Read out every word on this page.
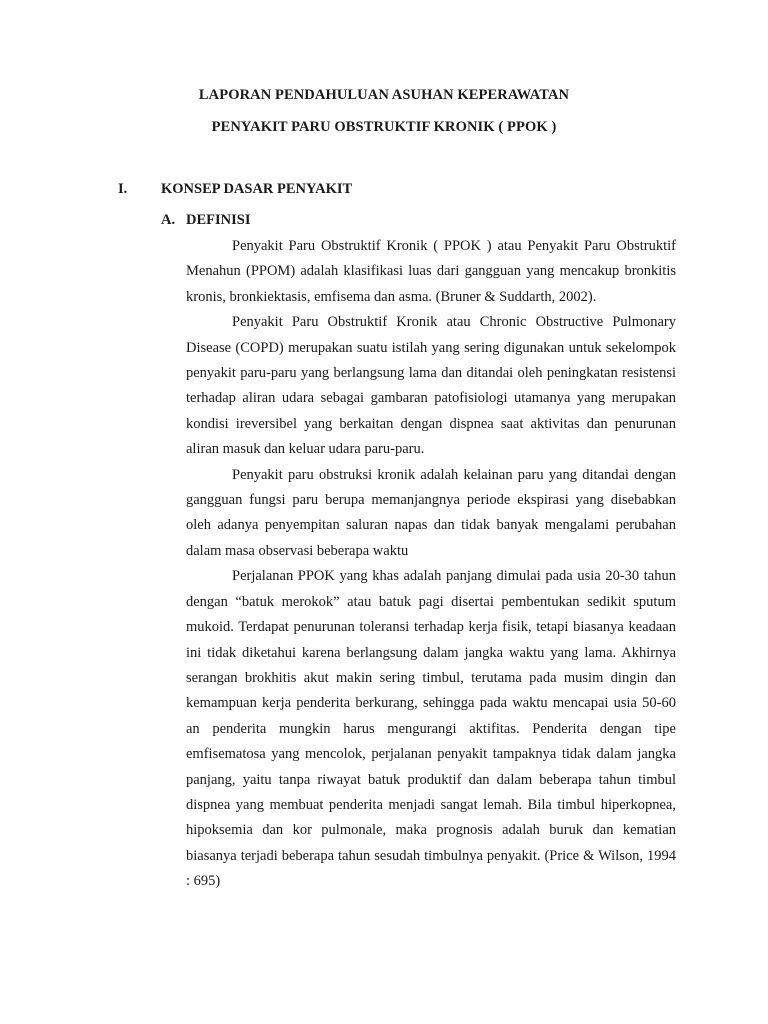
LAPORAN PENDAHULUAN ASUHAN KEPERAWATAN
PENYAKIT PARU OBSTRUKTIF KRONIK ( PPOK )
I. KONSEP DASAR PENYAKIT
A. DEFINISI

Penyakit Paru Obstruktif Kronik ( PPOK ) atau Penyakit Paru Obstruktif Menahun (PPOM) adalah klasifikasi luas dari gangguan yang mencakup bronkitis kronis, bronkiektasis, emfisema dan asma. (Bruner & Suddarth, 2002).

Penyakit Paru Obstruktif Kronik atau Chronic Obstructive Pulmonary Disease (COPD) merupakan suatu istilah yang sering digunakan untuk sekelompok penyakit paru-paru yang berlangsung lama dan ditandai oleh peningkatan resistensi terhadap aliran udara sebagai gambaran patofisiologi utamanya yang merupakan kondisi ireversibel yang berkaitan dengan dispnea saat aktivitas dan penurunan aliran masuk dan keluar udara paru-paru.

Penyakit paru obstruksi kronik adalah kelainan paru yang ditandai dengan gangguan fungsi paru berupa memanjangnya periode ekspirasi yang disebabkan oleh adanya penyempitan saluran napas dan tidak banyak mengalami perubahan dalam masa observasi beberapa waktu

Perjalanan PPOK yang khas adalah panjang dimulai pada usia 20-30 tahun dengan “batuk merokok” atau batuk pagi disertai pembentukan sedikit sputum mukoid. Terdapat penurunan toleransi terhadap kerja fisik, tetapi biasanya keadaan ini tidak diketahui karena berlangsung dalam jangka waktu yang lama. Akhirnya serangan brokhitis akut makin sering timbul, terutama pada musim dingin dan kemampuan kerja penderita berkurang, sehingga pada waktu mencapai usia 50-60 an penderita mungkin harus mengurangi aktifitas. Penderita dengan tipe emfisematosa yang mencolok, perjalanan penyakit tampaknya tidak dalam jangka panjang, yaitu tanpa riwayat batuk produktif dan dalam beberapa tahun timbul dispnea yang membuat penderita menjadi sangat lemah. Bila timbul hiperkopnea, hipoksemia dan kor pulmonale, maka prognosis adalah buruk dan kematian biasanya terjadi beberapa tahun sesudah timbulnya penyakit. (Price & Wilson, 1994 : 695)
